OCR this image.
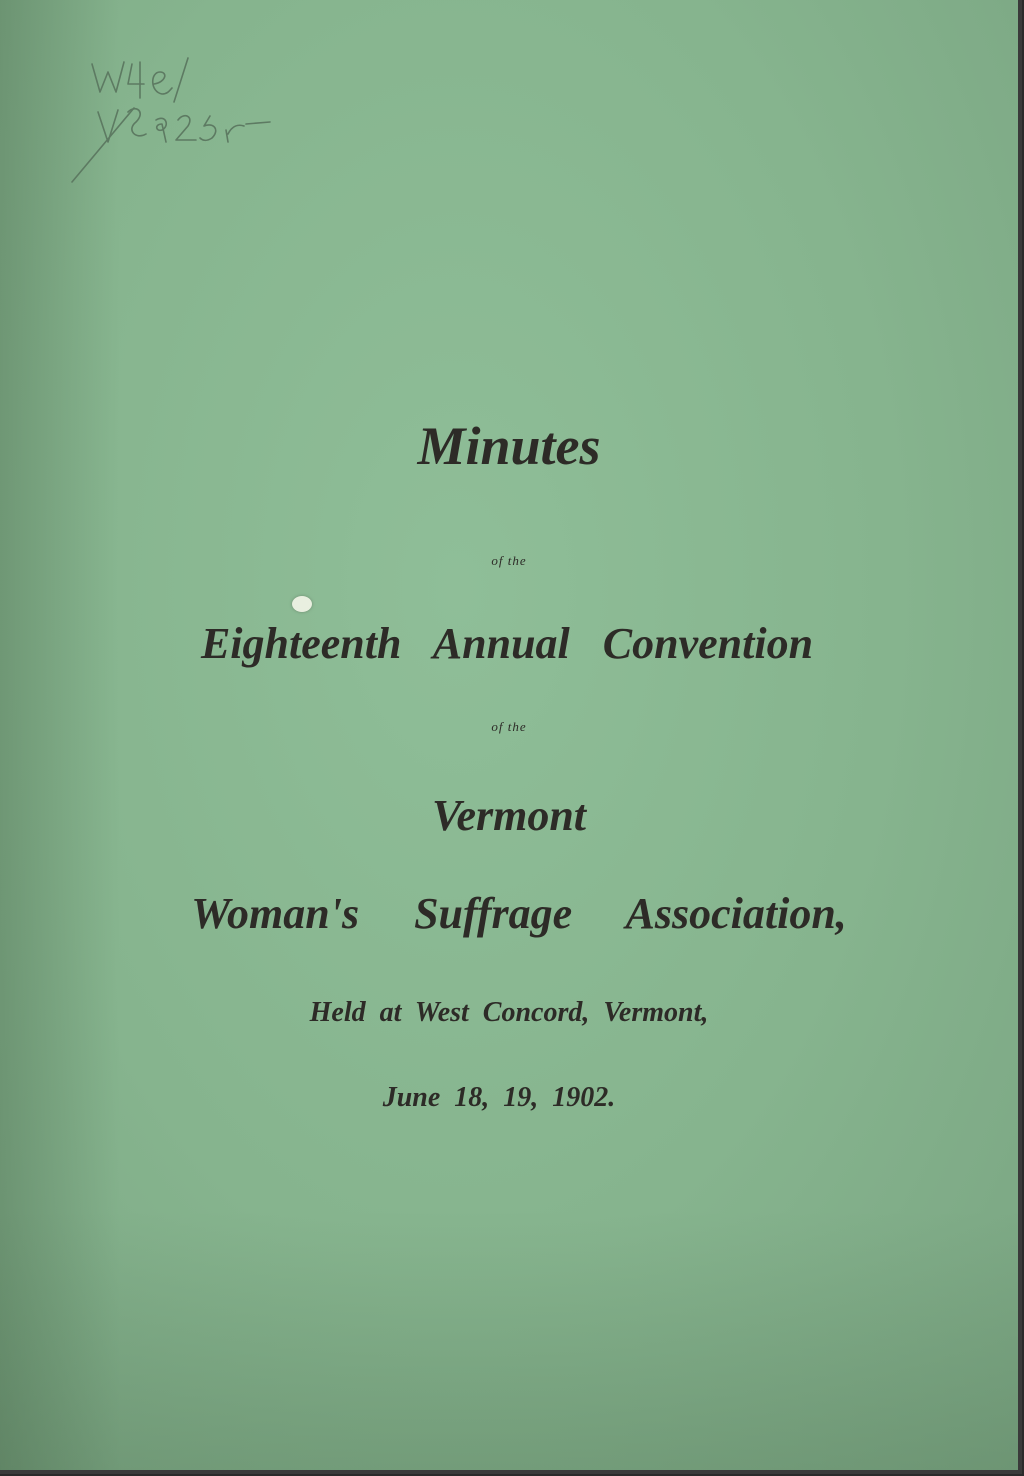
Minutes
of the
Eighteenth   Annual   Convention
of the
Vermont
Woman's     Suffrage     Association,
Held  at  West  Concord,  Vermont,
June  18,  19,  1902.
